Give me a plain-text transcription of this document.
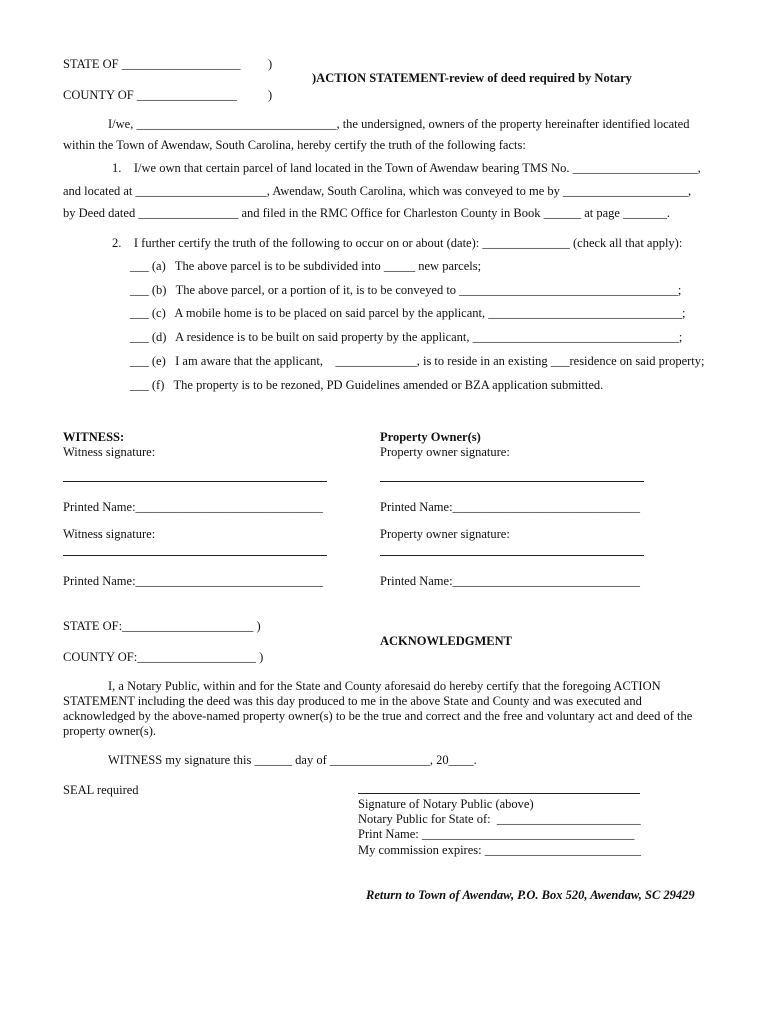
STATE OF ___________________ )
)ACTION STATEMENT-review of deed required by Notary
COUNTY OF ________________ )
I/we, ________________________________, the undersigned, owners of the property hereinafter identified located
within the Town of Awendaw, South Carolina, hereby certify the truth of the following facts:
1.    I/we own that certain parcel of land located in the Town of Awendaw bearing TMS No. ____________________,
and located at _____________________, Awendaw, South Carolina, which was conveyed to me by ____________________,
by Deed dated ________________ and filed in the RMC Office for Charleston County in Book ______ at page _______.
2.    I further certify the truth of the following to occur on or about (date): ______________ (check all that apply):
___ (a)   The above parcel is to be subdivided into _____ new parcels;
___ (b)   The above parcel, or a portion of it, is to be conveyed to ___________________________________;
___ (c)   A mobile home is to be placed on said parcel by the applicant, _______________________________;
___ (d)   A residence is to be built on said property by the applicant, _________________________________;
___ (e)   I am aware that the applicant,    _____________, is to reside in an existing ___residence on said property;
___ (f)   The property is to be rezoned, PD Guidelines amended or BZA application submitted.
WITNESS:
Witness signature:
Printed Name:______________________________
Witness signature:
Printed Name:______________________________
Property Owner(s)
Property owner signature:
Printed Name:______________________________
Property owner signature:
Printed Name:______________________________
STATE OF:_____________________ )
ACKNOWLEDGMENT
COUNTY OF:___________________ )
I, a Notary Public, within and for the State and County aforesaid do hereby certify that the foregoing ACTION STATEMENT including the deed was this day produced to me in the above State and County and was executed and acknowledged by the above-named property owner(s) to be the true and correct and the free and voluntary act and deed of the property owner(s).
WITNESS my signature this ______ day of ________________, 20____.
SEAL required
Signature of Notary Public (above)
Notary Public for State of:  _______________________
Print Name: __________________________________
My commission expires: _________________________
Return to Town of Awendaw, P.O. Box 520, Awendaw, SC 29429
